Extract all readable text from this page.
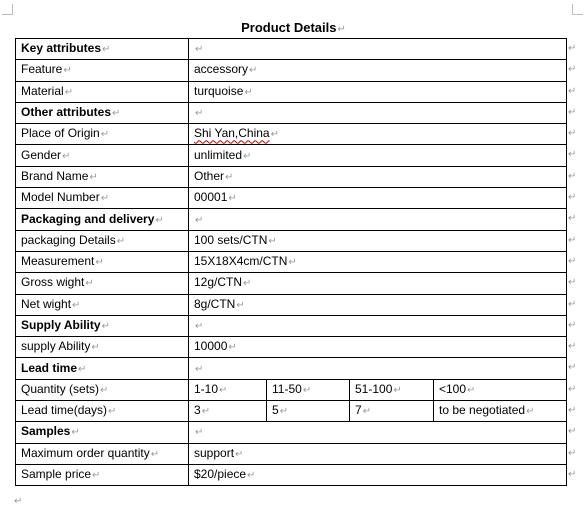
Product Details↵
Key attributes↵	↵			
Feature↵	accessory↵			
Material↵	turquoise↵			
Other attributes↵	↵			
Place of Origin↵	Shi Yan,China↵			
Gender↵	unlimited↵			
Brand Name↵	Other↵			
Model Number↵	00001↵			
Packaging and delivery↵	↵			
packaging Details↵	100 sets/CTN↵			
Measurement↵	15X18X4cm/CTN↵			
Gross wight↵	12g/CTN↵			
Net wight↵	8g/CTN↵			
Supply Ability↵	↵			
supply Ability↵	10000↵			
Lead time↵	↵			
Quantity (sets)↵	1-10↵	11-50↵	51-100↵	<100↵
Lead time(days)↵	3↵	5↵	7↵	to be negotiated↵
Samples↵	↵			
Maximum order quantity↵	support↵			
Sample price↵	$20/piece↵			
↵
↵
↵
↵
↵
↵
↵
↵
↵
↵
↵
↵
↵
↵
↵
↵
↵
↵
↵
↵
↵
↵
